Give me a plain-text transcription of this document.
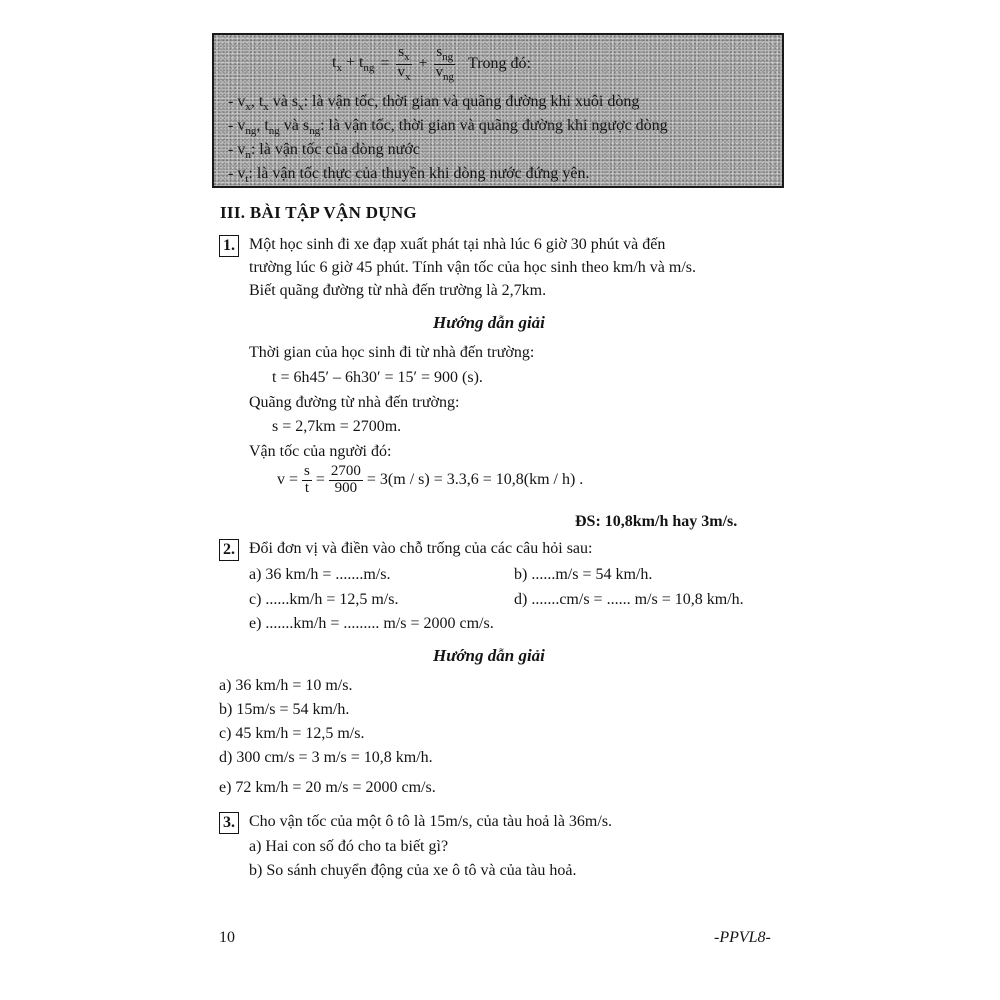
$t_x + t_{ng} = \frac{s_x}{v_x} + \frac{s_{ng}}{v_{ng}}$ Trong đó:
- $v_x$, $t_x$ và $s_x$: là vận tốc, thời gian và quãng đường khi xuôi dòng
- $v_{ng}$, $t_{ng}$ và $s_{ng}$: là vận tốc, thời gian và quãng đường khi ngược dòng
- $v_n$: là vận tốc của dòng nước
- $v_t$: là vận tốc thực của thuyền khi dòng nước đứng yên.
III. BÀI TẬP VẬN DỤNG
1. Một học sinh đi xe đạp xuất phát tại nhà lúc 6 giờ 30 phút và đến
trường lúc 6 giờ 45 phút. Tính vận tốc của học sinh theo km/h và m/s.
Biết quãng đường từ nhà đến trường là 2,7km.
Hướng dẫn giải
Thời gian của học sinh đi từ nhà đến trường:
t = 6h45′ – 6h30′ = 15′ = 900 (s).
Quãng đường từ nhà đến trường:
s = 2,7km = 2700m.
Vận tốc của người đó:
$v = \frac{s}{t} = \frac{2700}{900} = 3(m / s) = 3.3,6 = 10,8(km / h)$ .
ĐS: 10,8km/h hay 3m/s.
2. Đổi đơn vị và điền vào chỗ trống của các câu hỏi sau:
a) 36 km/h = .......m/s.	b) ......m/s = 54 km/h.
c) ......km/h = 12,5 m/s.	d) .......cm/s = ...... m/s = 10,8 km/h.
e) .......km/h = ......... m/s = 2000 cm/s.
Hướng dẫn giải
a) 36 km/h = 10 m/s.
b) 15m/s = 54 km/h.
c) 45 km/h = 12,5 m/s.
d) 300 cm/s = 3 m/s = 10,8 km/h.
e) 72 km/h = 20 m/s = 2000 cm/s.
3. Cho vận tốc của một ô tô là 15m/s, của tàu hoả là 36m/s.
a) Hai con số đó cho ta biết gì?
b) So sánh chuyển động của xe ô tô và của tàu hoả.
10	-PPVL8-
